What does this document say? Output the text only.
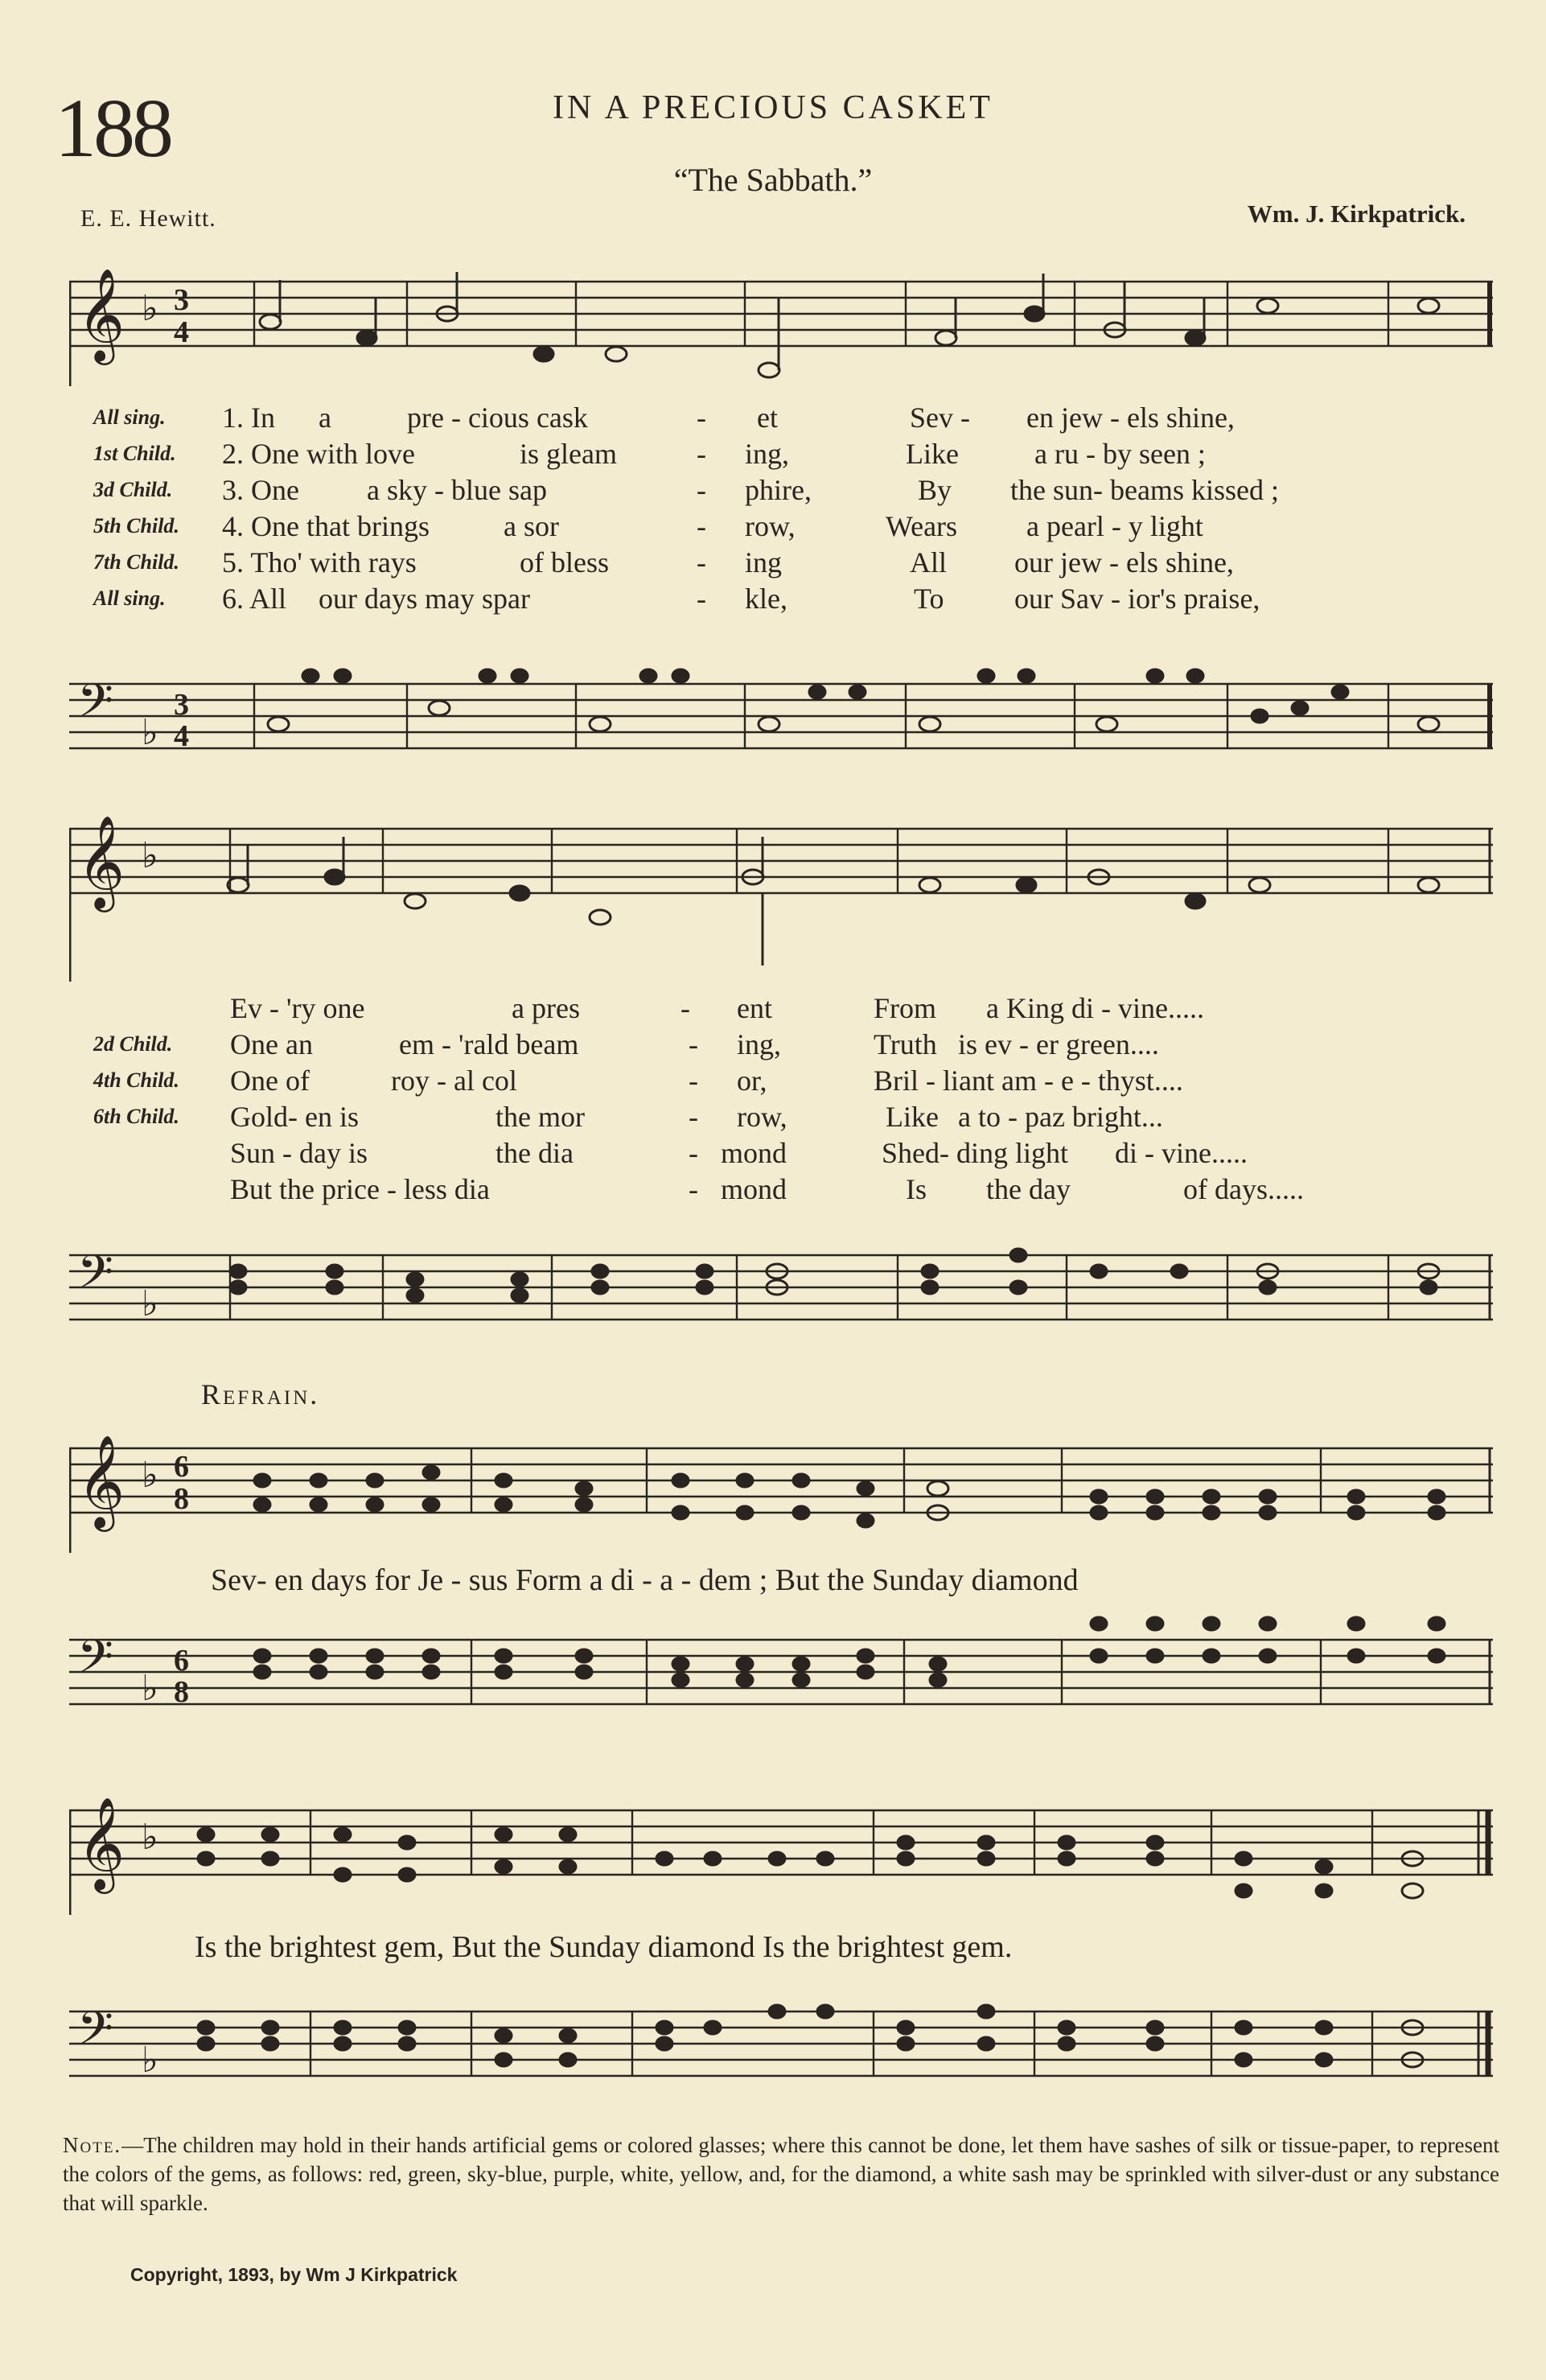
188	IN A PRECIOUS CASKET
“The Sabbath.”
E. E. Hewitt.	Wm. J. Kirkpatrick.
𝄞 ♭ 3
4
All sing. 1. In a	pre - cious cask	- et	Sev - en jew - els shine,
1st Child. 2. One with love	is gleam	- ing,	Like	a ru - by seen ;
3d Child. 3. One a sky - blue sap	- phire,	By the sun- beams kissed ;
5th Child. 4. One that brings	a sor	- row,	Wears a pearl - y light
7th Child. 5. Tho' with rays	of bless	- ing	All our jew - els shine,
All sing. 6. All our days may spar	- kle,	To our Sav - ior's praise,
𝄢 ♭
3
4
𝄞 ♭
Ev - 'ry one	a pres	- ent	From a King di - vine.....
2d Child. One an	em - 'rald beam	- ing,	Truth is ev - er green....
4th Child. One of	roy - al col	- or,	Bril - liant am - e - thyst....
6th Child. Gold- en is	the mor	- row,	Like a to - paz bright...
Sun - day is	the dia	- mond	Shed- ding light di - vine.....
But the price - less dia	- mond	Is the day	of days.....
𝄢 ♭
Refrain.
𝄞 ♭ 6
8
Sev- en days for Je - sus Form a di - a - dem ; But the Sunday diamond
𝄢 ♭
6
8
𝄞 ♭
Is the brightest gem, But the Sunday diamond Is the brightest gem.
𝄢 ♭
Note.—The children may hold in their hands artificial gems or colored glasses; where this cannot be done, let them have sashes of silk or tissue-paper, to represent the colors of the gems, as follows: red, green, sky-blue, purple, white, yellow, and, for the diamond, a white sash may be sprinkled with silver-dust or any substance that will sparkle.
Copyright, 1893, by Wm J Kirkpatrick
